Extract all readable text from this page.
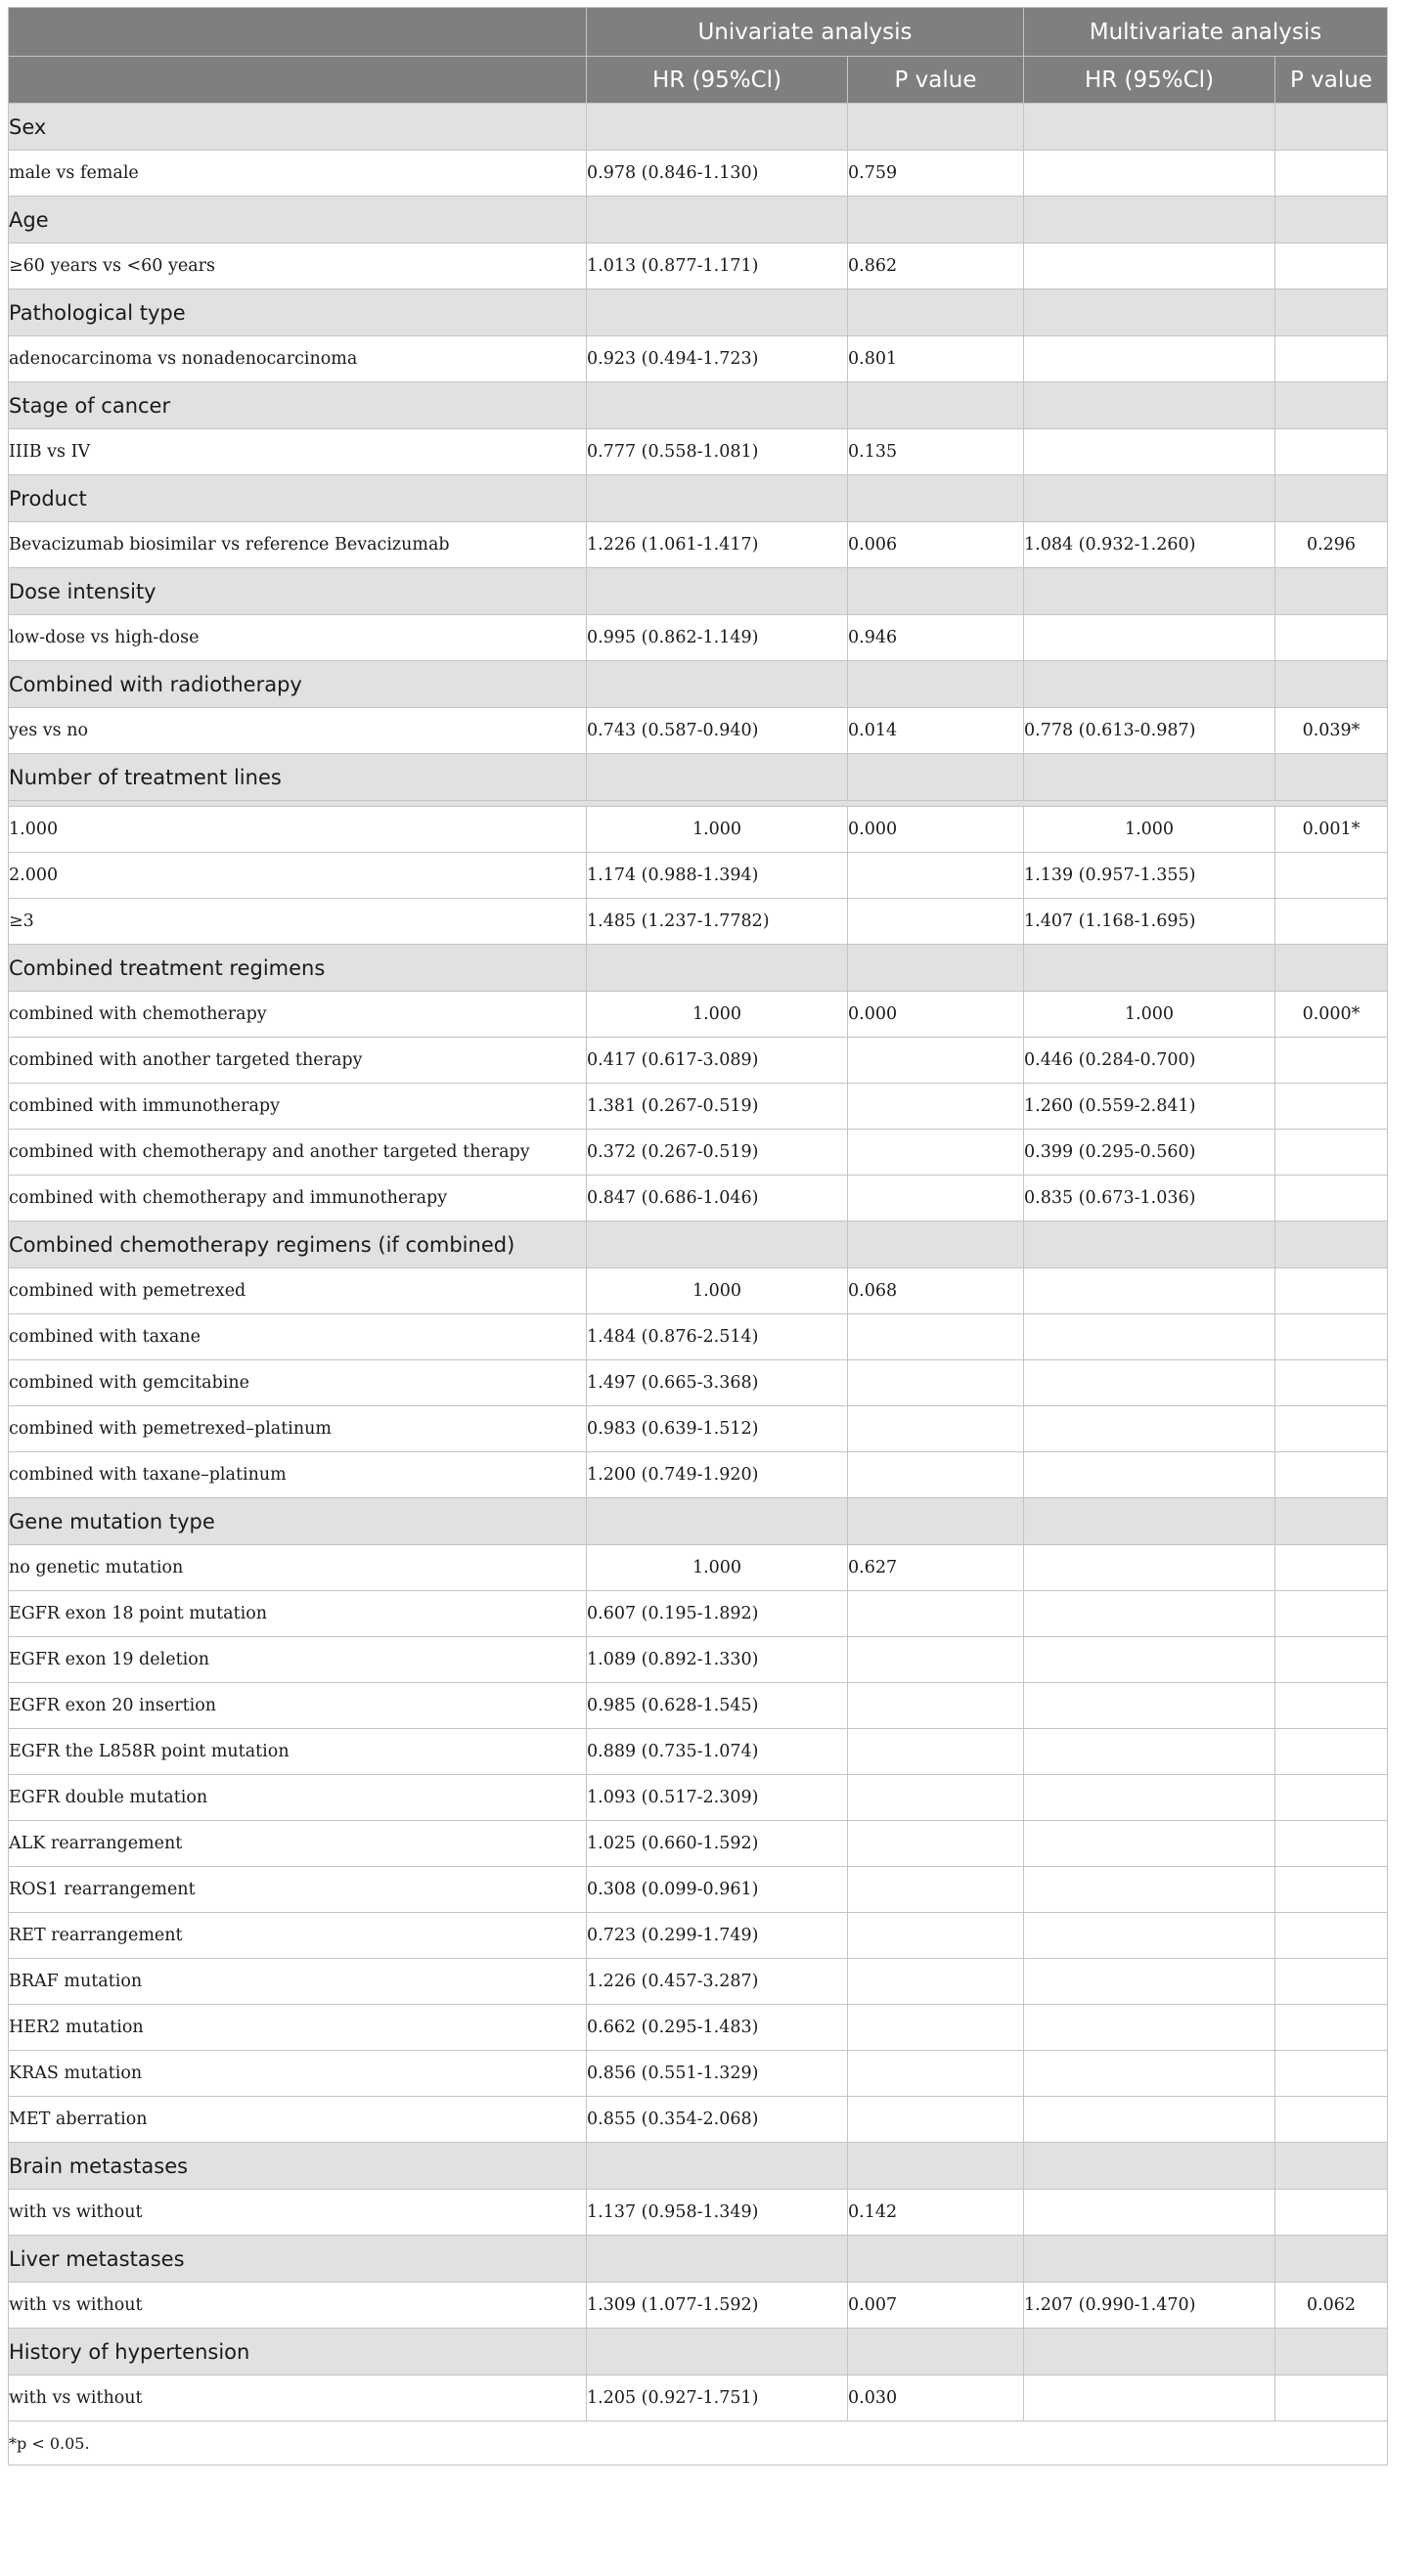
	Univariate analysis		Multivariate analysis	
	HR (95%Cl)	P value	HR (95%Cl)	P value
Sex				
male vs female	0.978 (0.846-1.130)	0.759		
Age				
≥60 years vs <60 years	1.013 (0.877-1.171)	0.862		
Pathological type				
adenocarcinoma vs nonadenocarcinoma	0.923 (0.494-1.723)	0.801		
Stage of cancer				
IIIB vs IV	0.777 (0.558-1.081)	0.135		
Product				
Bevacizumab biosimilar vs reference Bevacizumab	1.226 (1.061-1.417)	0.006	1.084 (0.932-1.260)	0.296
Dose intensity				
low-dose vs high-dose	0.995 (0.862-1.149)	0.946		
Combined with radiotherapy				
yes vs no	0.743 (0.587-0.940)	0.014	0.778 (0.613-0.987)	0.039*
Number of treatment lines				

1.000	1.000	0.000	1.000	0.001*
2.000	1.174 (0.988-1.394)		1.139 (0.957-1.355)	
≥3	1.485 (1.237-1.7782)		1.407 (1.168-1.695)	
Combined treatment regimens				
combined with chemotherapy	1.000	0.000	1.000	0.000*
combined with another targeted therapy	0.417 (0.617-3.089)		0.446 (0.284-0.700)	
combined with immunotherapy	1.381 (0.267-0.519)		1.260 (0.559-2.841)	
combined with chemotherapy and another targeted therapy	0.372 (0.267-0.519)		0.399 (0.295-0.560)	
combined with chemotherapy and immunotherapy	0.847 (0.686-1.046)		0.835 (0.673-1.036)	
Combined chemotherapy regimens (if combined)				
combined with pemetrexed	1.000	0.068		
combined with taxane	1.484 (0.876-2.514)			
combined with gemcitabine	1.497 (0.665-3.368)			
combined with pemetrexed–platinum	0.983 (0.639-1.512)			
combined with taxane–platinum	1.200 (0.749-1.920)			
Gene mutation type				
no genetic mutation	1.000	0.627		
EGFR exon 18 point mutation	0.607 (0.195-1.892)			
EGFR exon 19 deletion	1.089 (0.892-1.330)			
EGFR exon 20 insertion	0.985 (0.628-1.545)			
EGFR the L858R point mutation	0.889 (0.735-1.074)			
EGFR double mutation	1.093 (0.517-2.309)			
ALK rearrangement	1.025 (0.660-1.592)			
ROS1 rearrangement	0.308 (0.099-0.961)			
RET rearrangement	0.723 (0.299-1.749)			
BRAF mutation	1.226 (0.457-3.287)			
HER2 mutation	0.662 (0.295-1.483)			
KRAS mutation	0.856 (0.551-1.329)			
MET aberration	0.855 (0.354-2.068)			
Brain metastases				
with vs without	1.137 (0.958-1.349)	0.142		
Liver metastases				
with vs without	1.309 (1.077-1.592)	0.007	1.207 (0.990-1.470)	0.062
History of hypertension				
with vs without	1.205 (0.927-1.751)	0.030		
*p < 0.05.				
